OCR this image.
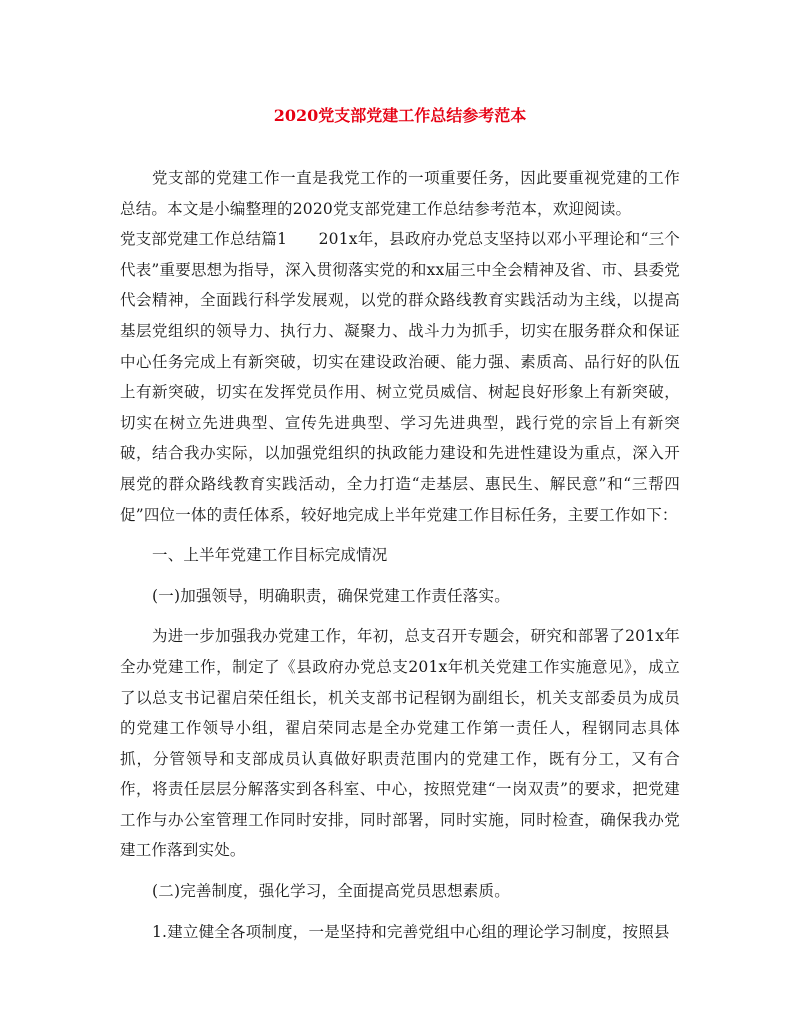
2020党支部党建工作总结参考范本

党支部的党建工作一直是我党工作的一项重要任务，因此要重视党建的工作总结。本文是小编整理的2020党支部党建工作总结参考范本，欢迎阅读。

党支部党建工作总结篇1　　201x年，县政府办党总支坚持以邓小平理论和“三个代表”重要思想为指导，深入贯彻落实党的和xx届三中全会精神及省、市、县委党代会精神，全面践行科学发展观，以党的群众路线教育实践活动为主线，以提高基层党组织的领导力、执行力、凝聚力、战斗力为抓手，切实在服务群众和保证中心任务完成上有新突破，切实在建设政治硬、能力强、素质高、品行好的队伍上有新突破，切实在发挥党员作用、树立党员威信、树起良好形象上有新突破，切实在树立先进典型、宣传先进典型、学习先进典型，践行党的宗旨上有新突破，结合我办实际，以加强党组织的执政能力建设和先进性建设为重点，深入开展党的群众路线教育实践活动，全力打造“走基层、惠民生、解民意”和“三帮四促”四位一体的责任体系，较好地完成上半年党建工作目标任务，主要工作如下：

一、上半年党建工作目标完成情况

(一)加强领导，明确职责，确保党建工作责任落实。

为进一步加强我办党建工作，年初，总支召开专题会，研究和部署了201x年全办党建工作，制定了《县政府办党总支201x年机关党建工作实施意见》，成立了以总支书记翟启荣任组长，机关支部书记程钢为副组长，机关支部委员为成员的党建工作领导小组，翟启荣同志是全办党建工作第一责任人，程钢同志具体抓，分管领导和支部成员认真做好职责范围内的党建工作，既有分工，又有合作，将责任层层分解落实到各科室、中心，按照党建“一岗双责”的要求，把党建工作与办公室管理工作同时安排，同时部署，同时实施，同时检查，确保我办党建工作落到实处。

(二)完善制度，强化学习，全面提高党员思想素质。

1.建立健全各项制度，一是坚持和完善党组中心组的理论学习制度，按照县
